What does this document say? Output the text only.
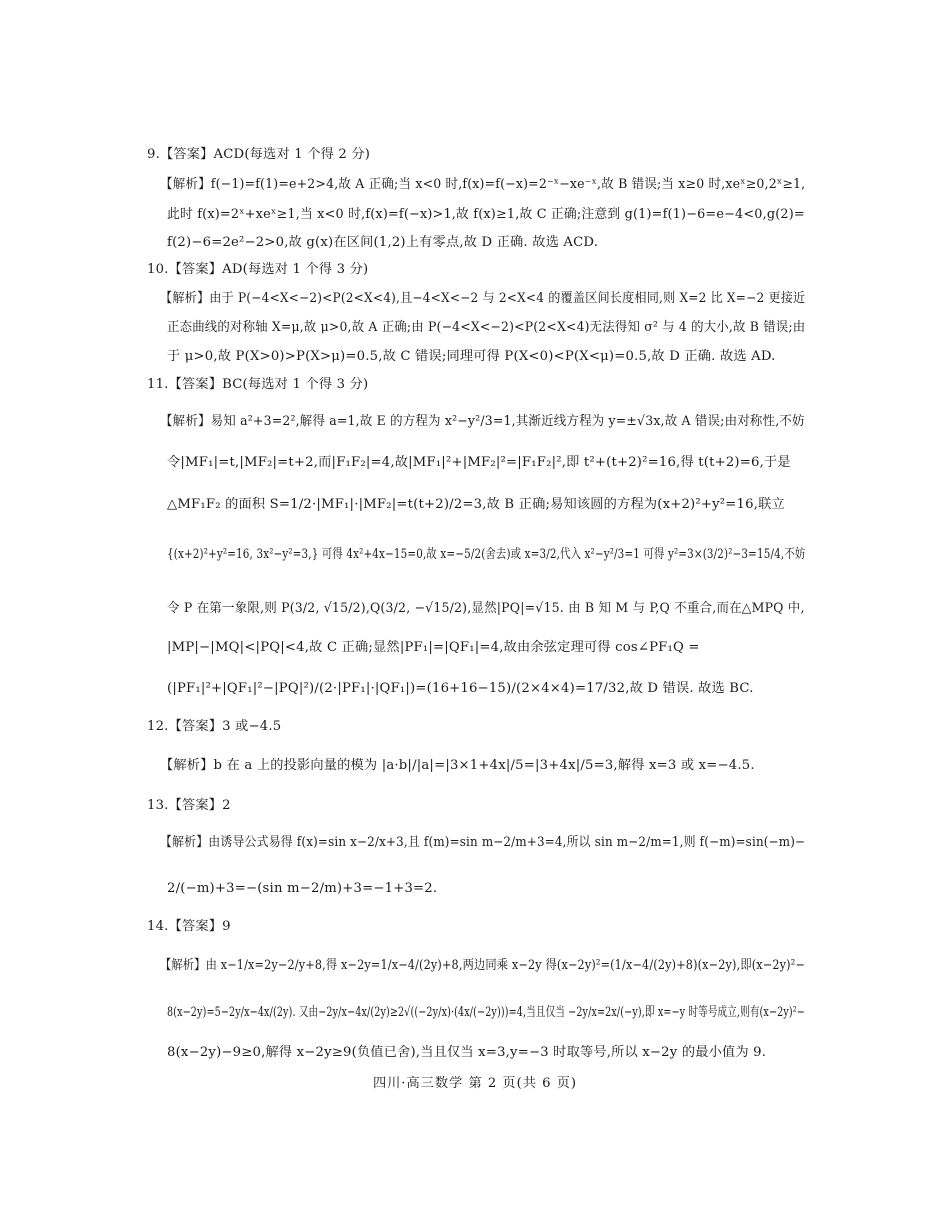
9.【答案】ACD(每选对 1 个得 2 分)
【解析】f(−1)=f(1)=e+2>4,故 A 正确;当 x<0 时,f(x)=f(−x)=2⁻ˣ−xe⁻ˣ,故 B 错误;当 x≥0 时,xeˣ≥0,2ˣ≥1,
此时 f(x)=2ˣ+xeˣ≥1,当 x<0 时,f(x)=f(−x)>1,故 f(x)≥1,故 C 正确;注意到 g(1)=f(1)−6=e−4<0,g(2)=
f(2)−6=2e²−2>0,故 g(x)在区间(1,2)上有零点,故 D 正确. 故选 ACD.
10.【答案】AD(每选对 1 个得 3 分)
【解析】由于 P(−4<X<−2)<P(2<X<4),且−4<X<−2 与 2<X<4 的覆盖区间长度相同,则 X=2 比 X=−2 更接近
正态曲线的对称轴 X=μ,故 μ>0,故 A 正确;由 P(−4<X<−2)<P(2<X<4)无法得知 σ² 与 4 的大小,故 B 错误;由
于 μ>0,故 P(X>0)>P(X>μ)=0.5,故 C 错误;同理可得 P(X<0)<P(X<μ)=0.5,故 D 正确. 故选 AD.
11.【答案】BC(每选对 1 个得 3 分)
【解析】易知 a²+3=2²,解得 a=1,故 E 的方程为 x²−y²/3=1,其渐近线方程为 y=±√3x,故 A 错误;由对称性,不妨
令|MF₁|=t,|MF₂|=t+2,而|F₁F₂|=4,故|MF₁|²+|MF₂|²=|F₁F₂|²,即 t²+(t+2)²=16,得 t(t+2)=6,于是
△MF₁F₂ 的面积 S=1/2·|MF₁|·|MF₂|=t(t+2)/2=3,故 B 正确;易知该圆的方程为(x+2)²+y²=16,联立
{(x+2)²+y²=16, 3x²−y²=3,} 可得 4x²+4x−15=0,故 x=−5/2(舍去)或 x=3/2,代入 x²−y²/3=1 可得 y²=3×(3/2)²−3=15/4,不妨
令 P 在第一象限,则 P(3/2, √15/2),Q(3/2, −√15/2),显然|PQ|=√15. 由 B 知 M 与 P,Q 不重合,而在△MPQ 中,
|MP|−|MQ|<|PQ|<4,故 C 正确;显然|PF₁|=|QF₁|=4,故由余弦定理可得 cos∠PF₁Q =
(|PF₁|²+|QF₁|²−|PQ|²)/(2·|PF₁|·|QF₁|)=(16+16−15)/(2×4×4)=17/32,故 D 错误. 故选 BC.
12.【答案】3 或−4.5
【解析】b 在 a 上的投影向量的模为 |a·b|/|a|=|3×1+4x|/5=|3+4x|/5=3,解得 x=3 或 x=−4.5.
13.【答案】2
【解析】由诱导公式易得 f(x)=sin x−2/x+3,且 f(m)=sin m−2/m+3=4,所以 sin m−2/m=1,则 f(−m)=sin(−m)−
2/(−m)+3=−(sin m−2/m)+3=−1+3=2.
14.【答案】9
【解析】由 x−1/x=2y−2/y+8,得 x−2y=1/x−4/(2y)+8,两边同乘 x−2y 得(x−2y)²=(1/x−4/(2y)+8)(x−2y),即(x−2y)²−
8(x−2y)=5−2y/x−4x/(2y). 又由−2y/x−4x/(2y)≥2√((−2y/x)·(4x/(−2y)))=4,当且仅当 −2y/x=2x/(−y),即 x=−y 时等号成立,则有(x−2y)²−
8(x−2y)−9≥0,解得 x−2y≥9(负值已舍),当且仅当 x=3,y=−3 时取等号,所以 x−2y 的最小值为 9.
四川·高三数学 第 2 页(共 6 页)
